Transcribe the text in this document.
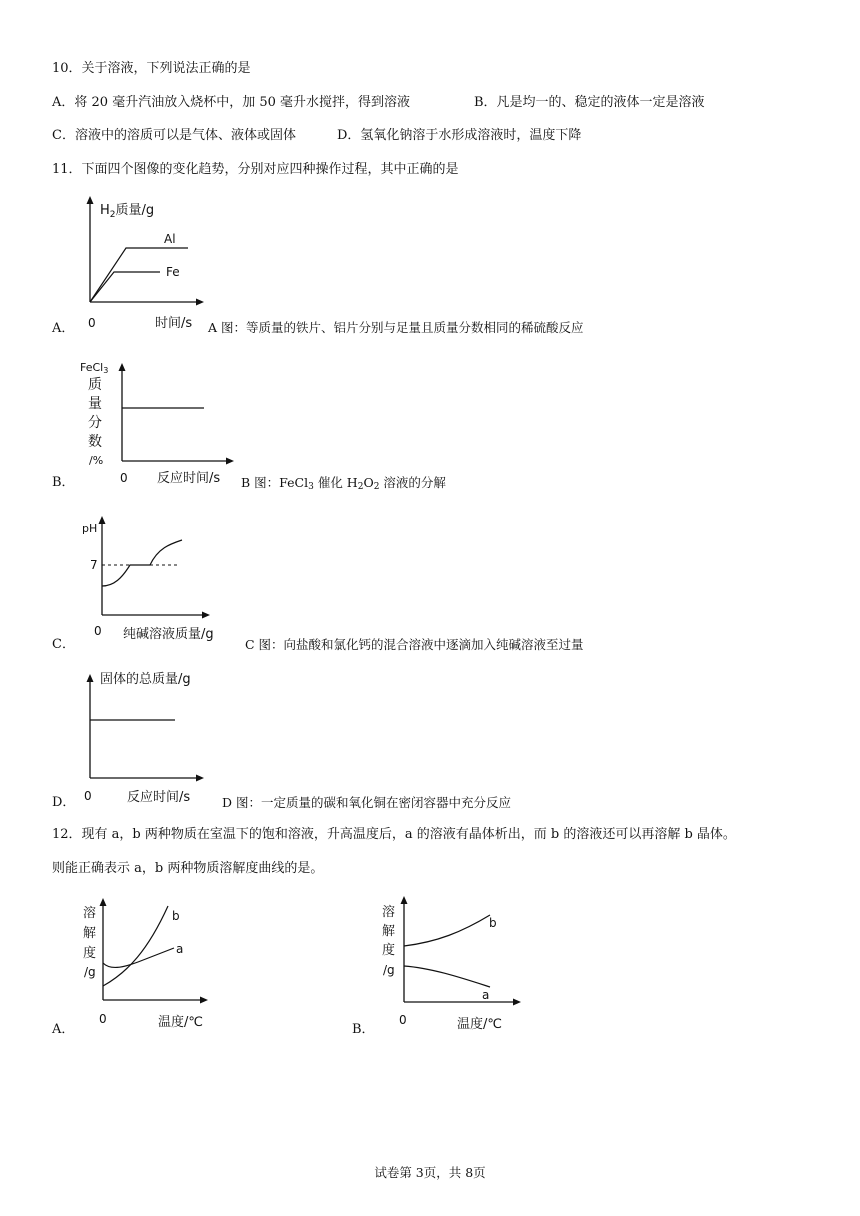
10．关于溶液，下列说法正确的是
A．将 20 毫升汽油放入烧杯中，加 50 毫升水搅拌，得到溶液	B．凡是均一的、稳定的液体一定是溶液
C．溶液中的溶质可以是气体、液体或固体	D．氢氧化钠溶于水形成溶液时，温度下降
11．下面四个图像的变化趋势，分别对应四种操作过程，其中正确的是
A．
$H_2$质量/g
Al
Fe
0	时间/s A 图：等质量的铁片、铝片分别与足量且质量分数相同的稀硫酸反应
B．
FeCl3
质
量
分
数
/%
0 反应时间/s B 图：FeCl$_3$ 催化 $H_2O_2$ 溶液的分解
C．
pH
7
0 纯碱溶液质量/g
C 图：向盐酸和氯化钙的混合溶液中逐滴加入纯碱溶液至过量
D．
固体的总质量/g
0	反应时间/s	D 图：一定质量的碳和氧化铜在密闭容器中充分反应
12．现有 a，b 两种物质在室温下的饱和溶液，升高温度后，a 的溶液有晶体析出，而 b 的溶液还可以再溶解 b 晶体。
则能正确表示 a，b 两种物质溶解度曲线的是。
A．
溶
解
度
/g
b
a
0	温度/℃	B．
溶
解
度
/g
b
a
0	温度/℃
试卷第 3页，共 8页
